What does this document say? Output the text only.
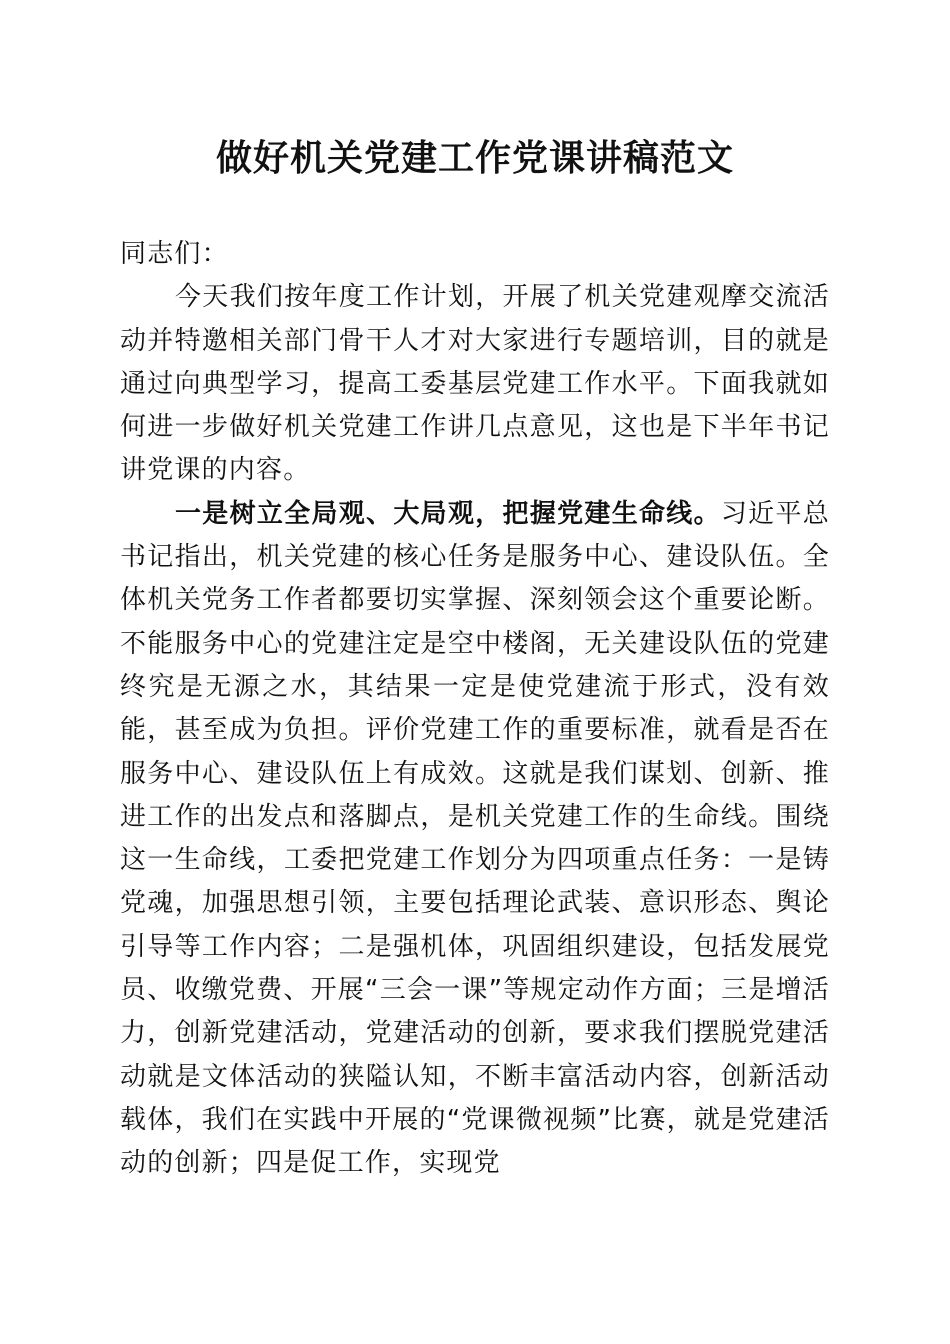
做好机关党建工作党课讲稿范文

同志们：

今天我们按年度工作计划，开展了机关党建观摩交流活动并特邀相关部门骨干人才对大家进行专题培训，目的就是通过向典型学习，提高工委基层党建工作水平。下面我就如何进一步做好机关党建工作讲几点意见，这也是下半年书记讲党课的内容。

一是树立全局观、大局观，把握党建生命线。习近平总书记指出，机关党建的核心任务是服务中心、建设队伍。全体机关党务工作者都要切实掌握、深刻领会这个重要论断。不能服务中心的党建注定是空中楼阁，无关建设队伍的党建终究是无源之水，其结果一定是使党建流于形式，没有效能，甚至成为负担。评价党建工作的重要标准，就看是否在服务中心、建设队伍上有成效。这就是我们谋划、创新、推进工作的出发点和落脚点，是机关党建工作的生命线。围绕这一生命线，工委把党建工作划分为四项重点任务：一是铸党魂，加强思想引领，主要包括理论武装、意识形态、舆论引导等工作内容；二是强机体，巩固组织建设，包括发展党员、收缴党费、开展“三会一课”等规定动作方面；三是增活力，创新党建活动，党建活动的创新，要求我们摆脱党建活动就是文体活动的狭隘认知，不断丰富活动内容，创新活动载体，我们在实践中开展的“党课微视频”比赛，就是党建活动的创新；四是促工作，实现党
